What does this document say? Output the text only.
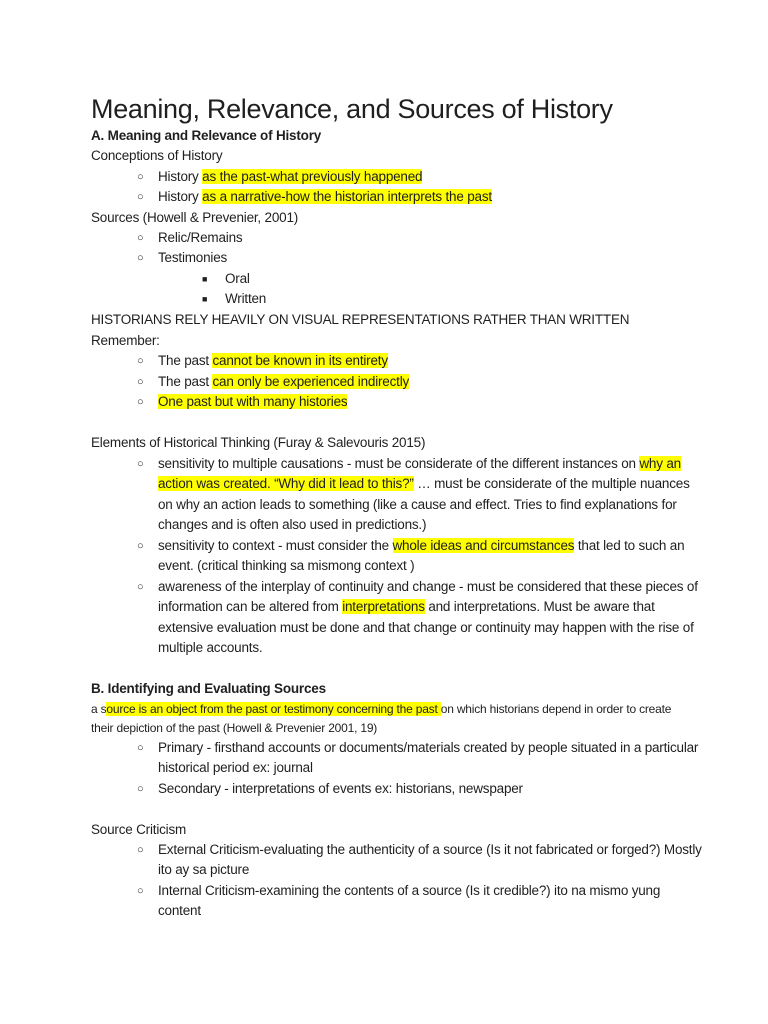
Meaning, Relevance, and Sources of History
A. Meaning and Relevance of History
Conceptions of History
○ History as the past-what previously happened
○ History as a narrative-how the historian interprets the past
Sources (Howell & Prevenier, 2001)
○ Relic/Remains
○ Testimonies
■ Oral
■ Written
HISTORIANS RELY HEAVILY ON VISUAL REPRESENTATIONS RATHER THAN WRITTEN
Remember:
○ The past cannot be known in its entirety
○ The past can only be experienced indirectly
○ One past but with many histories
Elements of Historical Thinking (Furay & Salevouris 2015)
○ sensitivity to multiple causations - must be considerate of the different instances on why an
action was created. “Why did it lead to this?” … must be considerate of the multiple nuances
on why an action leads to something (like a cause and effect. Tries to find explanations for
changes and is often also used in predictions.)
○ sensitivity to context - must consider the whole ideas and circumstances that led to such an
event. (critical thinking sa mismong context )
○ awareness of the interplay of continuity and change - must be considered that these pieces of
information can be altered from interpretations and interpretations. Must be aware that
extensive evaluation must be done and that change or continuity may happen with the rise of
multiple accounts.
B. Identifying and Evaluating Sources
a source is an object from the past or testimony concerning the past on which historians depend in order to create
their depiction of the past (Howell & Prevenier 2001, 19)
○ Primary - firsthand accounts or documents/materials created by people situated in a particular
historical period ex: journal
○ Secondary - interpretations of events ex: historians, newspaper
Source Criticism
○ External Criticism-evaluating the authenticity of a source (Is it not fabricated or forged?) Mostly
ito ay sa picture
○ Internal Criticism-examining the contents of a source (Is it credible?) ito na mismo yung
content
